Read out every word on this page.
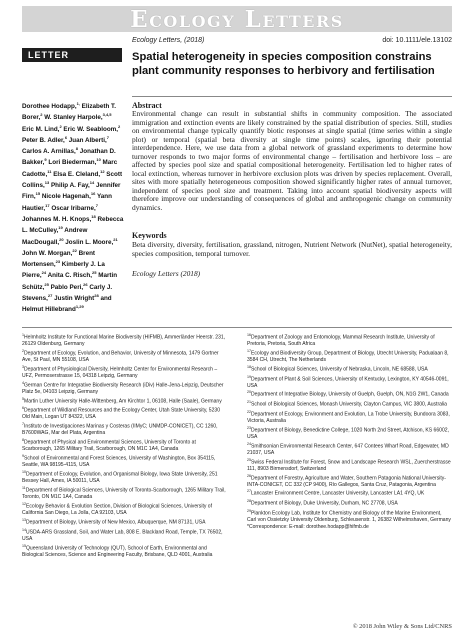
Ecology Letters
Ecology Letters, (2018)	doi: 10.1111/ele.13102
LETTER	Spatial heterogeneity in species composition constrains plant community responses to herbivory and fertilisation
Dorothee Hodapp,$^{1,}$ Elizabeth T. Borer,$^2$ W. Stanley Harpole,$^{3,4,5}$ Eric M. Lind,$^2$ Eric W. Seabloom,$^2$ Peter B. Adler,$^6$ Juan Alberti,$^7$ Carlos A. Arnillas,$^8$ Jonathan D. Bakker,$^9$ Lori Biederman,$^{10}$ Marc Cadotte,$^{11}$ Elsa E. Cleland,$^{12}$ Scott Collins,$^{13}$ Philip A. Fay,$^{14}$ Jennifer Firn,$^{15}$ Nicole Hagenah,$^{16}$ Yann Hautier,$^{17}$ Oscar Iribarne,$^7$ Johannes M. H. Knops,$^{18}$ Rebecca L. McCulley,$^{19}$ Andrew MacDougall,$^{20}$ Joslin L. Moore,$^{21}$ John W. Morgan,$^{22}$ Brent Mortensen,$^{23}$ Kimberly J. La Pierre,$^{24}$ Anita C. Risch,$^{25}$ Martin Schütz,$^{25}$ Pablo Peri,$^{26}$ Carly J. Stevens,$^{27}$ Justin Wright$^{28}$ and Helmut Hillebrand$^{1,29}$
Abstract
Environmental change can result in substantial shifts in community composition. The associated immigration and extinction events are likely constrained by the spatial distribution of species. Still, studies on environmental change typically quantify biotic responses at single spatial (time series within a single plot) or temporal (spatial beta diversity at single time points) scales, ignoring their potential interdependence. Here, we use data from a global network of grassland experiments to determine how turnover responds to two major forms of environmental change – fertilisation and herbivore loss – are affected by species pool size and spatial compositional heterogeneity. Fertilisation led to higher rates of local extinction, whereas turnover in herbivore exclusion plots was driven by species replacement. Overall, sites with more spatially heterogeneous composition showed significantly higher rates of annual turnover, independent of species pool size and treatment. Taking into account spatial biodiversity aspects will therefore improve our understanding of consequences of global and anthropogenic change on community dynamics.
Keywords
Beta diversity, diversity, fertilisation, grassland, nitrogen, Nutrient Network (NutNet), spatial heterogeneity, species composition, temporal turnover.
Ecology Letters (2018)

$^1$Helmholtz Institute for Functional Marine Biodiversity (HIFMB), Ammerländer Heerstr. 231, 26129 Oldenburg, Germany

$^2$Department of Ecology, Evolution, and Behavior, University of Minnesota, 1479 Gortner Ave, St Paul, MN 55108, USA

$^3$Department of Physiological Diversity, Helmholtz Center for Environmental Research – UFZ, Permoserstrasse 15, 04318 Leipzig, Germany

$^4$German Centre for Integrative Biodiversity Research (iDiv) Halle-Jena-Leipzig, Deutscher Platz 5e, 04103 Leipzig, Germany

$^5$Martin Luther University Halle-Wittenberg, Am Kirchtor 1, 06108, Halle (Saale), Germany

$^6$Department of Wildland Resources and the Ecology Center, Utah State University, 5230 Old Main, Logan UT 84322, USA

$^7$Instituto de Investigaciones Marinas y Costeras (IIMyC; UNMDP-CONICET), CC 1260, B7600WAG, Mar del Plata, Argentina

$^8$Department of Physical and Environmental Sciences, University of Toronto at Scarborough, 1265 Military Trail, Scarborough, ON M1C 1A4, Canada

$^9$School of Environmental and Forest Sciences, University of Washington, Box 354115, Seattle, WA 98195-4115, USA

$^{10}$Department of Ecology, Evolution, and Organismal Biology, Iowa State University, 251 Bessey Hall, Ames, IA 50011, USA

$^{11}$Department of Biological Sciences, University of Toronto-Scarborough, 1265 Military Trail, Toronto, ON M1C 1A4, Canada

$^{12}$Ecology Behavior & Evolution Section, Division of Biological Sciences, University of California San Diego, La Jolla, CA 92103, USA

$^{13}$Department of Biology, University of New Mexico, Albuquerque, NM 87131, USA

$^{14}$USDA-ARS Grassland, Soil, and Water Lab, 808 E. Blackland Road, Temple, TX 76502, USA

$^{15}$Queensland University of Technology (QUT), School of Earth, Environmental and Biological Sciences, Science and Engineering Faculty, Brisbane, QLD 4001, Australia

$^{16}$Department of Zoology and Entomology, Mammal Research Institute, University of Pretoria, Pretoria, South Africa

$^{17}$Ecology and Biodiversity Group, Department of Biology, Utrecht University, Padualaan 8, 3584 CH, Utrecht, The Netherlands

$^{18}$School of Biological Sciences, University of Nebraska, Lincoln, NE 68588, USA

$^{19}$Department of Plant & Soil Sciences, University of Kentucky, Lexington, KY 40546-0091, USA

$^{20}$Department of Integrative Biology, University of Guelph, Guelph, ON, N1G 2W1, Canada

$^{21}$School of Biological Sciences, Monash University, Clayton Campus, VIC 3800, Australia

$^{22}$Department of Ecology, Environment and Evolution, La Trobe University, Bundoora 3083, Victoria, Australia

$^{23}$Department of Biology, Benedictine College, 1020 North 2nd Street, Atchison, KS 66002, USA

$^{24}$Smithsonian Environmental Research Center, 647 Contees Wharf Road, Edgewater, MD 21037, USA

$^{25}$Swiss Federal Institute for Forest, Snow and Landscape Research WSL, Zuercherstrasse 111, 8903 Birmensdorf, Switzerland

$^{26}$Department of Forestry, Agriculture and Water, Southern Patagonia National University-INTA-CONICET, CC 332 (CP 9400), Río Gallegos, Santa Cruz, Patagonia, Argentina

$^{27}$Lancaster Environment Centre, Lancaster University, Lancaster LA1 4YQ, UK

$^{28}$Department of Biology, Duke University, Durham, NC 27708, USA

$^{29}$Plankton Ecology Lab, Institute for Chemistry and Biology of the Marine Environment, Carl von Ossietzky University Oldenburg, Schleusenstr. 1, 26382 Wilhelmshaven, Germany

*Correspondence: E-mail: dorothee.hodapp@hifmb.de

© 2018 John Wiley & Sons Ltd/CNRS
